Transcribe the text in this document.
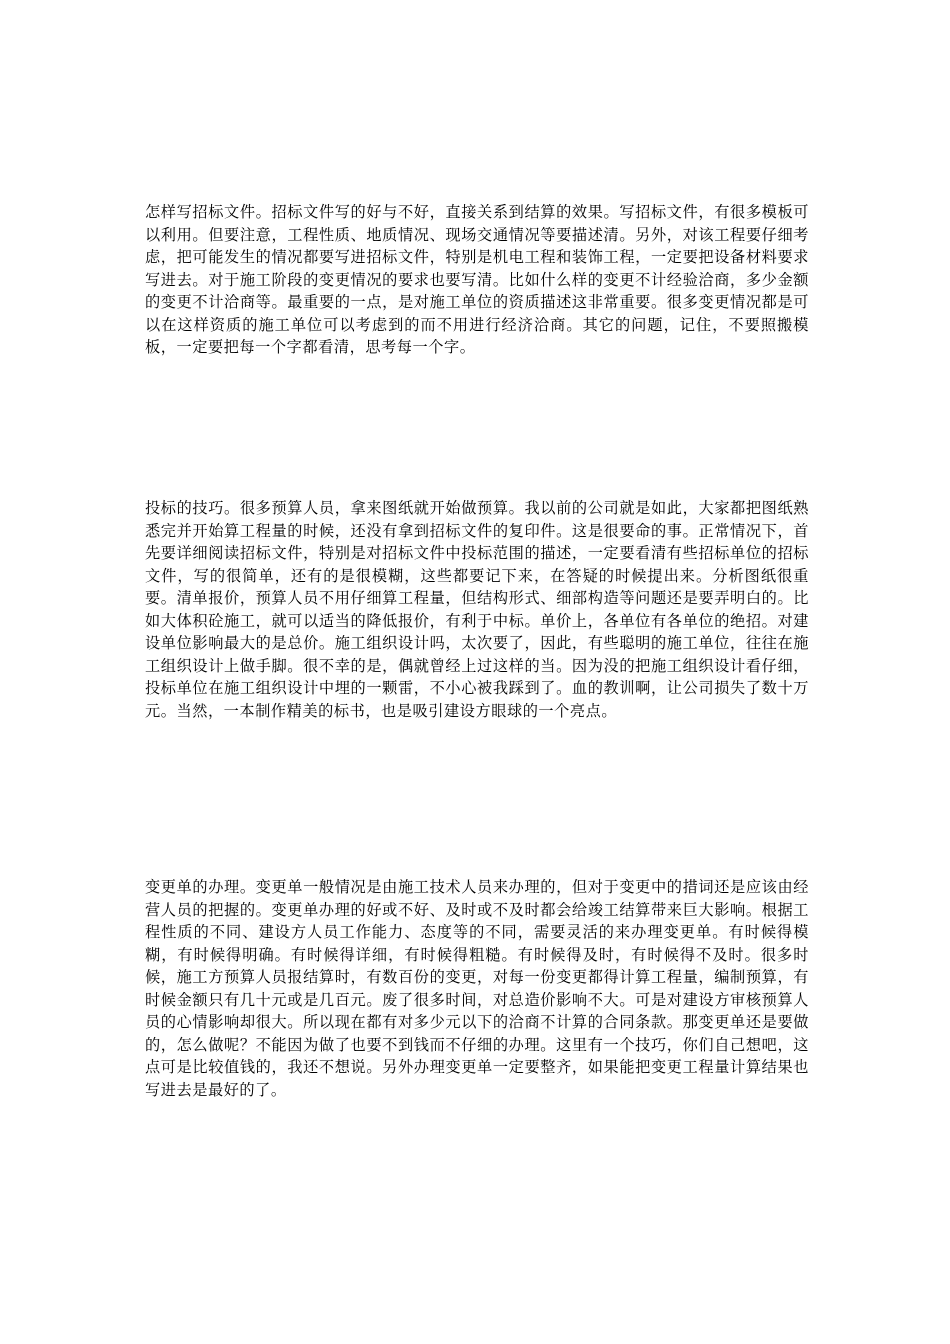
怎样写招标文件。招标文件写的好与不好，直接关系到结算的效果。写招标文件，有很多模板可以利用。但要注意，工程性质、地质情况、现场交通情况等要描述清。另外，对该工程要仔细考虑，把可能发生的情况都要写进招标文件，特别是机电工程和装饰工程，一定要把设备材料要求写进去。对于施工阶段的变更情况的要求也要写清。比如什么样的变更不计经验洽商，多少金额的变更不计洽商等。最重要的一点，是对施工单位的资质描述这非常重要。很多变更情况都是可以在这样资质的施工单位可以考虑到的而不用进行经济洽商。其它的问题，记住，不要照搬模板，一定要把每一个字都看清，思考每一个字。

投标的技巧。很多预算人员，拿来图纸就开始做预算。我以前的公司就是如此，大家都把图纸熟悉完并开始算工程量的时候，还没有拿到招标文件的复印件。这是很要命的事。正常情况下，首先要详细阅读招标文件，特别是对招标文件中投标范围的描述，一定要看清有些招标单位的招标文件，写的很简单，还有的是很模糊，这些都要记下来，在答疑的时候提出来。分析图纸很重要。清单报价，预算人员不用仔细算工程量，但结构形式、细部构造等问题还是要弄明白的。比如大体积砼施工，就可以适当的降低报价，有利于中标。单价上，各单位有各单位的绝招。对建设单位影响最大的是总价。施工组织设计吗，太次要了，因此，有些聪明的施工单位，往往在施工组织设计上做手脚。很不幸的是，偶就曾经上过这样的当。因为没的把施工组织设计看仔细，投标单位在施工组织设计中埋的一颗雷，不小心被我踩到了。血的教训啊，让公司损失了数十万元。当然，一本制作精美的标书，也是吸引建设方眼球的一个亮点。

变更单的办理。变更单一般情况是由施工技术人员来办理的，但对于变更中的措词还是应该由经营人员的把握的。变更单办理的好或不好、及时或不及时都会给竣工结算带来巨大影响。根据工程性质的不同、建设方人员工作能力、态度等的不同，需要灵活的来办理变更单。有时候得模糊，有时候得明确。有时候得详细，有时候得粗糙。有时候得及时，有时候得不及时。很多时候，施工方预算人员报结算时，有数百份的变更，对每一份变更都得计算工程量，编制预算，有时候金额只有几十元或是几百元。废了很多时间，对总造价影响不大。可是对建设方审核预算人员的心情影响却很大。所以现在都有对多少元以下的洽商不计算的合同条款。那变更单还是要做的，怎么做呢？不能因为做了也要不到钱而不仔细的办理。这里有一个技巧，你们自己想吧，这点可是比较值钱的，我还不想说。另外办理变更单一定要整齐，如果能把变更工程量计算结果也写进去是最好的了。
